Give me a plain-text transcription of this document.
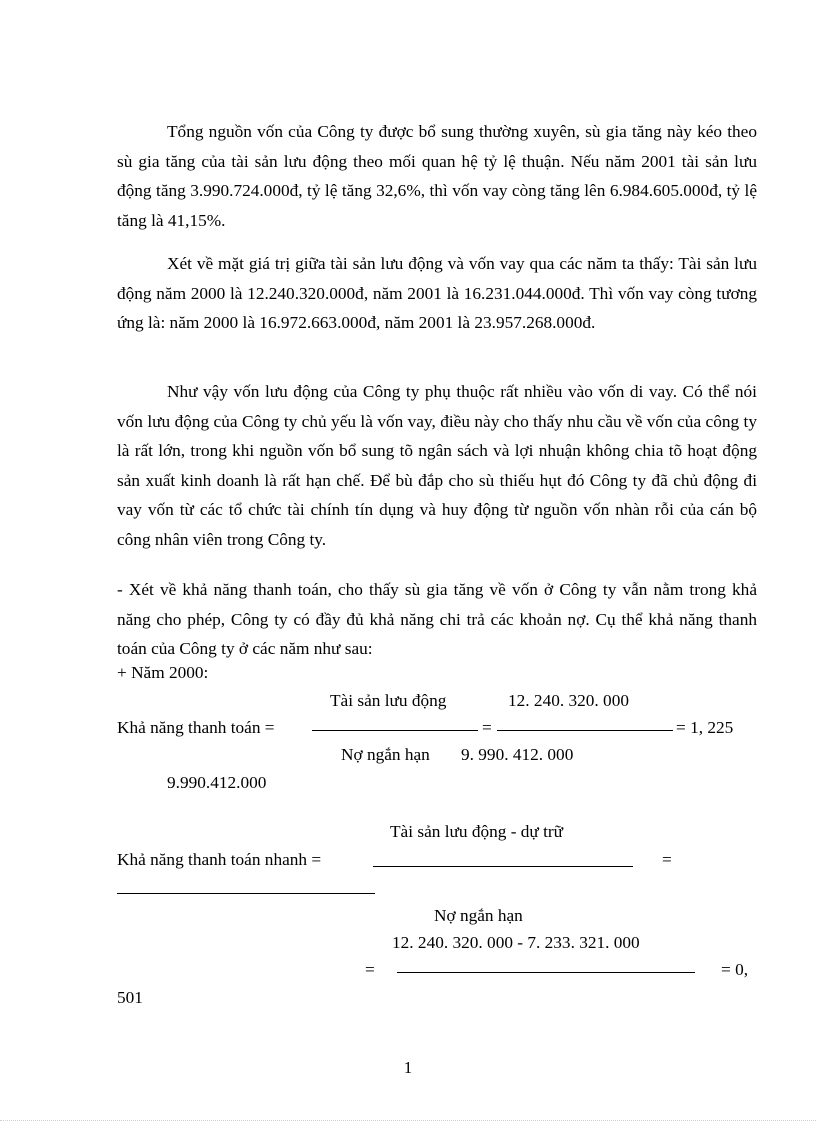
Tổng nguồn vốn của Công ty được bổ sung thường xuyên, sù gia tăng này kéo theo sù gia tăng của tài sản lưu động theo mối quan hệ tỷ lệ thuận. Nếu năm 2001 tài sản lưu động tăng 3.990.724.000đ, tỷ lệ tăng 32,6%, thì vốn vay còng tăng lên 6.984.605.000đ, tỷ lệ tăng là 41,15%.

Xét về mặt giá trị giữa tài sản lưu động và vốn vay qua các năm ta thấy: Tài sản lưu động năm 2000 là 12.240.320.000đ, năm 2001 là 16.231.044.000đ. Thì vốn vay còng tương ứng là: năm 2000 là 16.972.663.000đ, năm 2001 là 23.957.268.000đ.

Như vậy vốn lưu động của Công ty phụ thuộc rất nhiều vào vốn di vay. Có thể nói vốn lưu động của Công ty chủ yếu là vốn vay, điều này cho thấy nhu cầu về vốn của công ty là rất lớn, trong khi nguồn vốn bổ sung tõ ngân sách và lợi nhuận không chia tõ hoạt động sản xuất kinh doanh là rất hạn chế. Để bù đắp cho sù thiếu hụt đó Công ty đã chủ động đi vay vốn từ các tổ chức tài chính tín dụng và huy động từ nguồn vốn nhàn rỗi của cán bộ công nhân viên trong Công ty.

- Xét về khả năng thanh toán, cho thấy sù gia tăng về vốn ở Công ty vẫn nằm trong khả năng cho phép, Công ty có đầy đủ khả năng chi trả các khoản nợ. Cụ thể khả năng thanh toán của Công ty ở các năm như sau:

+ Năm 2000:
Tài sản lưu động	12. 240. 320. 000
Khả năng thanh toán =	=	= 1, 225
Nợ ngắn hạn 9. 990. 412. 000
9.990.412.000
Tài sản lưu động - dự trữ
Khả năng thanh toán nhanh =	=
Nợ ngắn hạn
12. 240. 320. 000 - 7. 233. 321. 000
=	= 0,
501
1
